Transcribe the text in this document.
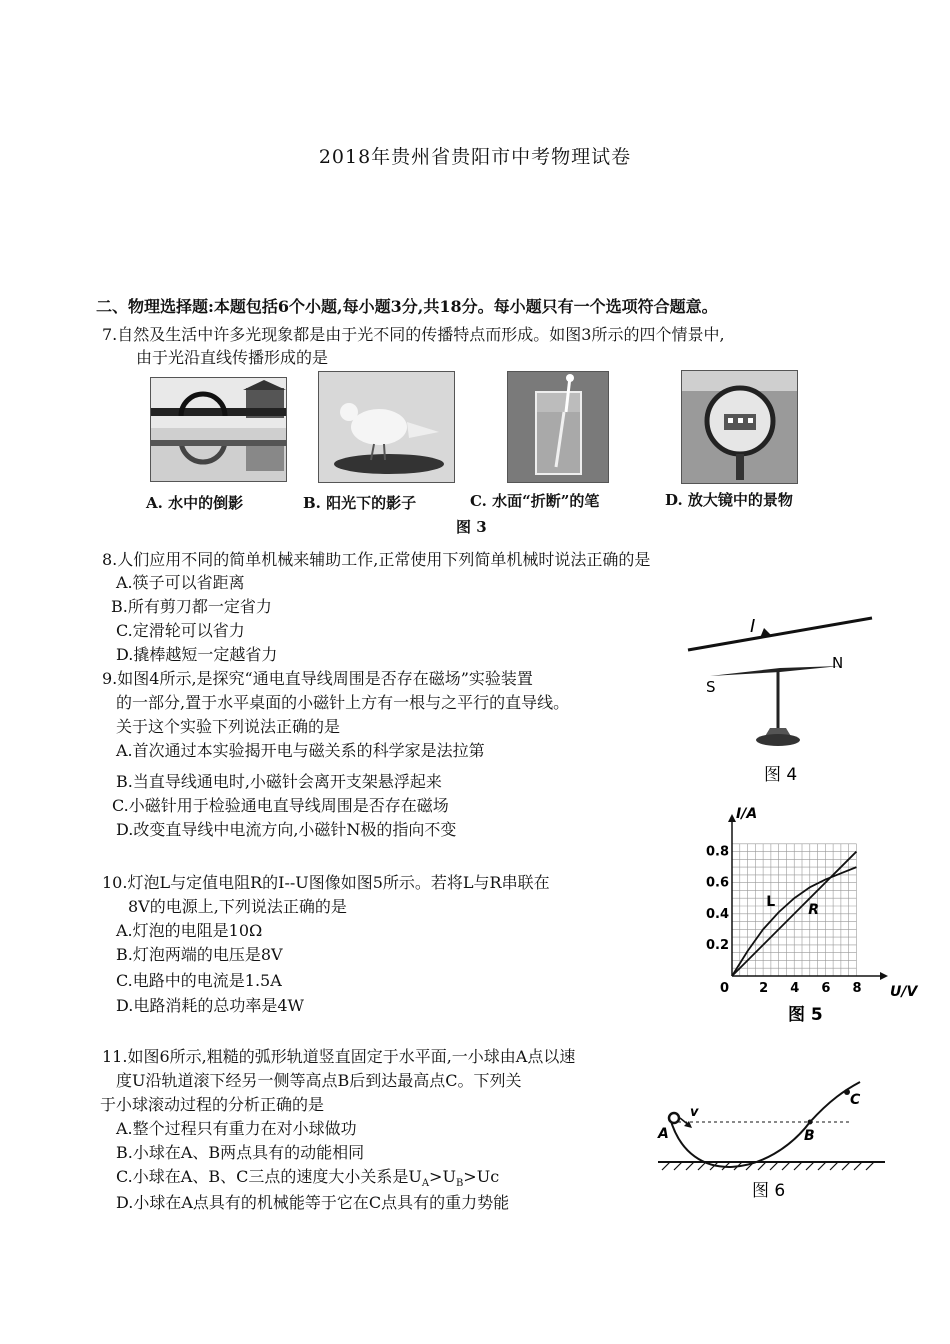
2018年贵州省贵阳市中考物理试卷
二、物理选择题:本题包括6个小题,每小题3分,共18分。每小题只有一个选项符合题意。
7.自然及生活中许多光现象都是由于光不同的传播特点而形成。如图3所示的四个情景中,
由于光沿直线传播形成的是
A. 水中的倒影	B. 阳光下的影子	C. 水面“折断”的笔	D. 放大镜中的景物
图 3
8.人们应用不同的简单机械来辅助工作,正常使用下列简单机械时说法正确的是
A.筷子可以省距离
B.所有剪刀都一定省力
C.定滑轮可以省力
D.撬棒越短一定越省力
9.如图4所示,是探究“通电直导线周围是否存在磁场”实验装置
的一部分,置于水平桌面的小磁针上方有一根与之平行的直导线。
关于这个实验下列说法正确的是
A.首次通过本实验揭开电与磁关系的科学家是法拉第
B.当直导线通电时,小磁针会离开支架悬浮起来
C.小磁针用于检验通电直导线周围是否存在磁场
D.改变直导线中电流方向,小磁针N极的指向不变
I
S
N
图 4
2 4 6 8
0.2
0.4
0.6
0.8
0	U/V
I/A
L R
图 5
10.灯泡L与定值电阻R的I--U图像如图5所示。若将L与R串联在
8V的电源上,下列说法正确的是
A.灯泡的电阻是10Ω
B.灯泡两端的电压是8V
C.电路中的电流是1.5A
D.电路消耗的总功率是4W
11.如图6所示,粗糙的弧形轨道竖直固定于水平面,一小球由A点以速
度U沿轨道滚下经另一侧等高点B后到达最高点C。下列关
于小球滚动过程的分析正确的是
A.整个过程只有重力在对小球做功
B.小球在A、B两点具有的动能相同
C.小球在A、B、C三点的速度大小关系是$U_A>U_B>Uc$
D.小球在A点具有的机械能等于它在C点具有的重力势能
v
A	B
C
图 6
